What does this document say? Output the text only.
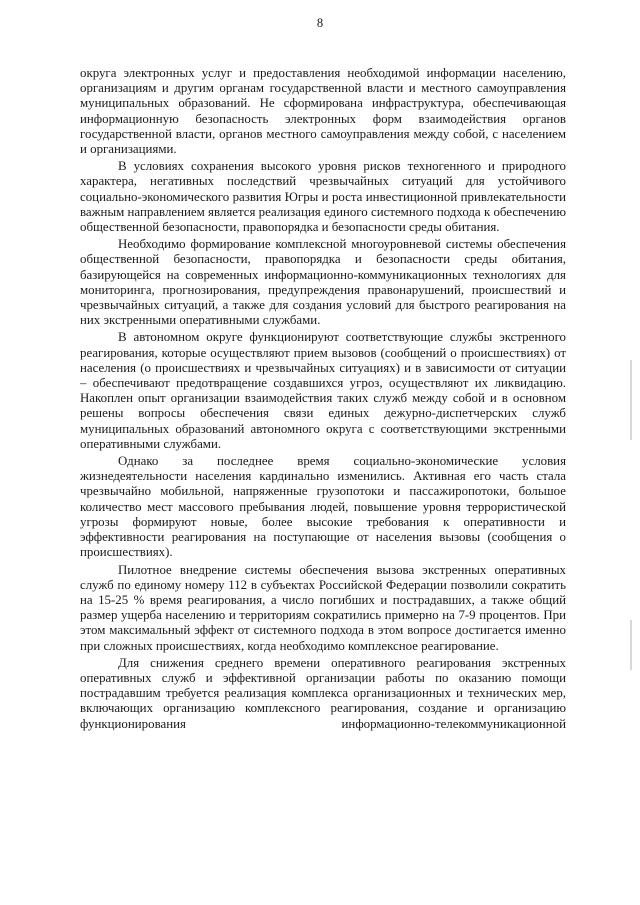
8

округа электронных услуг и предоставления необходимой информации населению, организациям и другим органам государственной власти и местного самоуправления муниципальных образований. Не сформирована инфраструктура, обеспечивающая информационную безопасность электронных форм взаимодействия органов государственной власти, органов местного самоуправления между собой, с населением и организациями.

В условиях сохранения высокого уровня рисков техногенного и природного характера, негативных последствий чрезвычайных ситуаций для устойчивого социально-экономического развития Югры и роста инвестиционной привлекательности важным направлением является реализация единого системного подхода к обеспечению общественной безопасности, правопорядка и безопасности среды обитания.

Необходимо формирование комплексной многоуровневой системы обеспечения общественной безопасности, правопорядка и безопасности среды обитания, базирующейся на современных информационно-коммуникационных технологиях для мониторинга, прогнозирования, предупреждения правонарушений, происшествий и чрезвычайных ситуаций, а также для создания условий для быстрого реагирования на них экстренными оперативными службами.

В автономном округе функционируют соответствующие службы экстренного реагирования, которые осуществляют прием вызовов (сообщений о происшествиях) от населения (о происшествиях и чрезвычайных ситуациях) и в зависимости от ситуации – обеспечивают предотвращение создавшихся угроз, осуществляют их ликвидацию. Накоплен опыт организации взаимодействия таких служб между собой и в основном решены вопросы обеспечения связи единых дежурно-диспетчерских служб муниципальных образований автономного округа с соответствующими экстренными оперативными службами.

Однако за последнее время социально-экономические условия жизнедеятельности населения кардинально изменились. Активная его часть стала чрезвычайно мобильной, напряженные грузопотоки и пассажиропотоки, большое количество мест массового пребывания людей, повышение уровня террористической угрозы формируют новые, более высокие требования к оперативности и эффективности реагирования на поступающие от населения вызовы (сообщения о происшествиях).

Пилотное внедрение системы обеспечения вызова экстренных оперативных служб по единому номеру 112 в субъектах Российской Федерации позволили сократить на 15-25 % время реагирования, а число погибших и пострадавших, а также общий размер ущерба населению и территориям сократились примерно на 7-9 процентов. При этом максимальный эффект от системного подхода в этом вопросе достигается именно при сложных происшествиях, когда необходимо комплексное реагирование.

Для снижения среднего времени оперативного реагирования экстренных оперативных служб и эффективной организации работы по оказанию помощи пострадавшим требуется реализация комплекса организационных и технических мер, включающих организацию комплексного реагирования, создание и организацию функционирования информационно-телекоммуникационной
